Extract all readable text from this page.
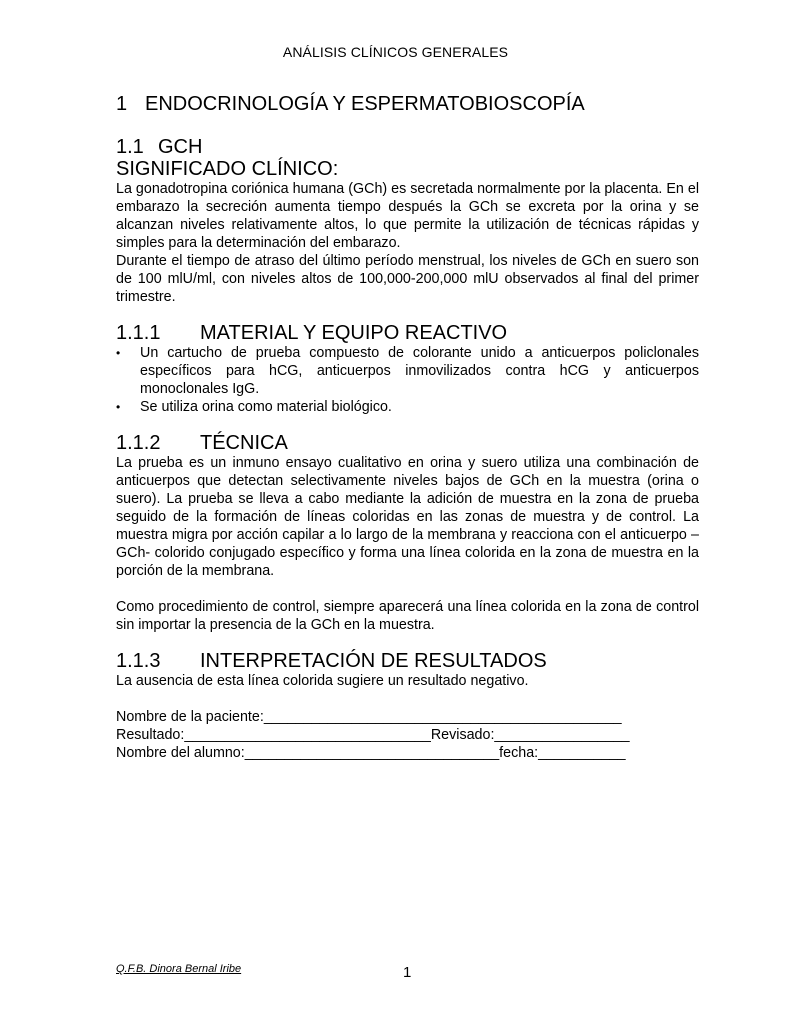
ANÁLISIS CLÍNICOS GENERALES
1 ENDOCRINOLOGÍA Y ESPERMATOBIOSCOPÍA
1.1 GCH
SIGNIFICADO CLÍNICO:

La gonadotropina coriónica humana (GCh) es secretada normalmente por la placenta. En el embarazo la secreción aumenta tiempo después la GCh se excreta por la orina y se alcanzan niveles relativamente altos, lo que permite la utilización de técnicas rápidas y simples para la determinación del embarazo.

Durante el tiempo de atraso del último período menstrual, los niveles de GCh en suero son de 100 mlU/ml, con niveles altos de 100,000-200,000 mlU observados al final del primer trimestre.

1.1.1 MATERIAL Y EQUIPO REACTIVO
• Un cartucho de prueba compuesto de colorante unido a anticuerpos policlonales específicos para hCG, anticuerpos inmovilizados contra hCG y anticuerpos monoclonales IgG.
• Se utiliza orina como material biológico.
1.1.2 TÉCNICA

La prueba es un inmuno ensayo cualitativo en orina y suero utiliza una combinación de anticuerpos que detectan selectivamente niveles bajos de GCh en la muestra (orina o suero). La prueba se lleva a cabo mediante la adición de muestra en la zona de prueba seguido de la formación de líneas coloridas en las zonas de muestra y de control. La muestra migra por acción capilar a lo largo de la membrana y reacciona con el anticuerpo –GCh- colorido conjugado específico y forma una línea colorida en la zona de muestra en la porción de la membrana.

Como procedimiento de control, siempre aparecerá una línea colorida en la zona de control sin importar la presencia de la GCh en la muestra.

1.1.3 INTERPRETACIÓN DE RESULTADOS

La ausencia de esta línea colorida sugiere un resultado negativo.

Nombre de la paciente:_____________________________________________
Resultado:_______________________________Revisado:_________________
Nombre del alumno:________________________________fecha:___________
Q.F.B. Dinora Bernal Iribe	1
